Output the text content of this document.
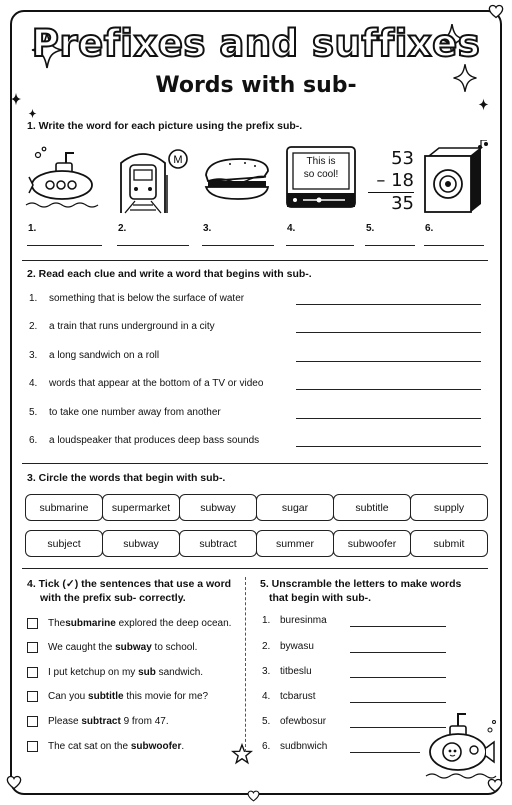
Prefixes and suffixes
Words with sub-
1. Write the word for each picture using the prefix sub-.
M	This is
so cool!
53
– 18
35
1.	2.	3.	4.	5.	6.
2. Read each clue and write a word that begins with sub-.
1.	something that is below the surface of water
2.	a train that runs underground in a city
3.	a long sandwich on a roll
4.	words that appear at the bottom of a TV or video
5.	to take one number away from another
6.	a loudspeaker that produces deep bass sounds
3. Circle the words that begin with sub-.
submarine	supermarket	subway	sugar	subtitle	supply
subject	subway	subtract	summer	subwoofer	submit
4. Tick (✓) the sentences that use a word
with the prefix sub- correctly.
The submarine explored the deep ocean.
We caught the subway to school.
I put ketchup on my sub sandwich.
Can you subtitle this movie for me?
Please subtract 9 from 47.
The cat sat on the subwoofer .
5. Unscramble the letters to make words
that begin with sub-.
1. buresinma
2. bywasu
3. titbeslu
4. tcbarust
5. ofewbosur
6. sudbnwich
